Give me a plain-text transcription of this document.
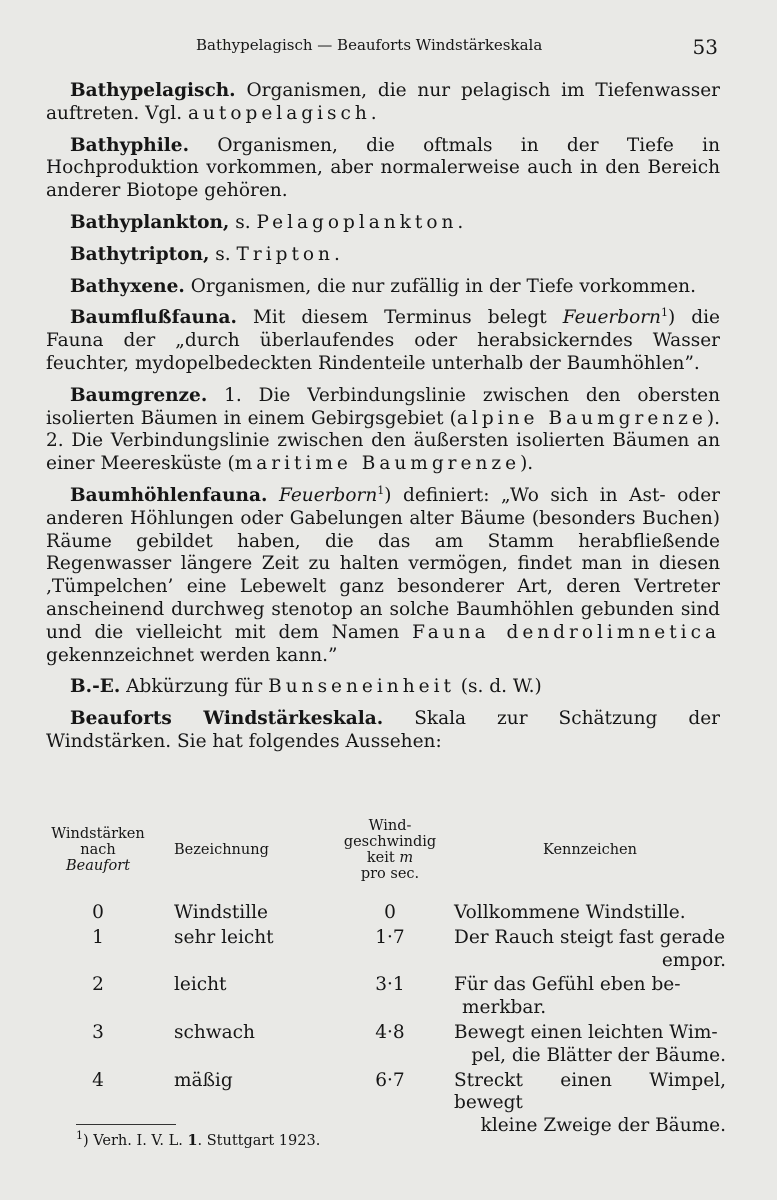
Bathypelagisch — Beauforts Windstärkeskala	53

Bathypelagisch. Organismen, die nur pelagisch im Tiefenwasser auftreten. Vgl. autopelagisch.

Bathyphile. Organismen, die oftmals in der Tiefe in Hochproduktion vorkommen, aber normalerweise auch in den Bereich anderer Biotope gehören.

Bathyplankton, s. Pelagoplankton.

Bathytripton, s. Tripton.

Bathyxene. Organismen, die nur zufällig in der Tiefe vorkommen.

Baumflußfauna. Mit diesem Terminus belegt Feuerborn$^1$) die Fauna der „durch überlaufendes oder herabsickerndes Wasser feuchter, mydopelbedeckten Rindenteile unterhalb der Baumhöhlen”.

Baumgrenze. 1. Die Verbindungslinie zwischen den obersten isolierten Bäumen in einem Gebirgsgebiet (alpine Baumgrenze). 2. Die Verbindungslinie zwischen den äußersten isolierten Bäumen an einer Meeresküste (maritime Baumgrenze).

Baumhöhlenfauna. Feuerborn$^1$) definiert: „Wo sich in Ast- oder anderen Höhlungen oder Gabelungen alter Bäume (besonders Buchen) Räume gebildet haben, die das am Stamm herabfließende Regenwasser längere Zeit zu halten vermögen, findet man in diesen ‚Tümpelchen’ eine Lebewelt ganz besonderer Art, deren Vertreter anscheinend durchweg stenotop an solche Baumhöhlen gebunden sind und die vielleicht mit dem Namen Fauna dendrolimnetica gekennzeichnet werden kann.”

B.-E. Abkürzung für Bunseneinheit (s. d. W.)

Beauforts Windstärkeskala. Skala zur Schätzung der Windstärken. Sie hat folgendes Aussehen:

Windstärken
nach
Beaufort	Bezeichnung	Wind-
geschwindig
keit m
pro sec.	Kennzeichen
0	Windstille	0	Vollkommene Windstille.

1	sehr leicht	1·7	Der Rauch steigt fast gerade
empor.

2	leicht	3·1	Für das Gefühl eben be-
merkbar.

3	schwach	4·8	Bewegt einen leichten Wim-
pel, die Blätter der Bäume.

4	mäßig	6·7	Streckt einen Wimpel, bewegt
kleine Zweige der Bäume.
$^1$) Verh. I. V. L. 1. Stuttgart 1923.
